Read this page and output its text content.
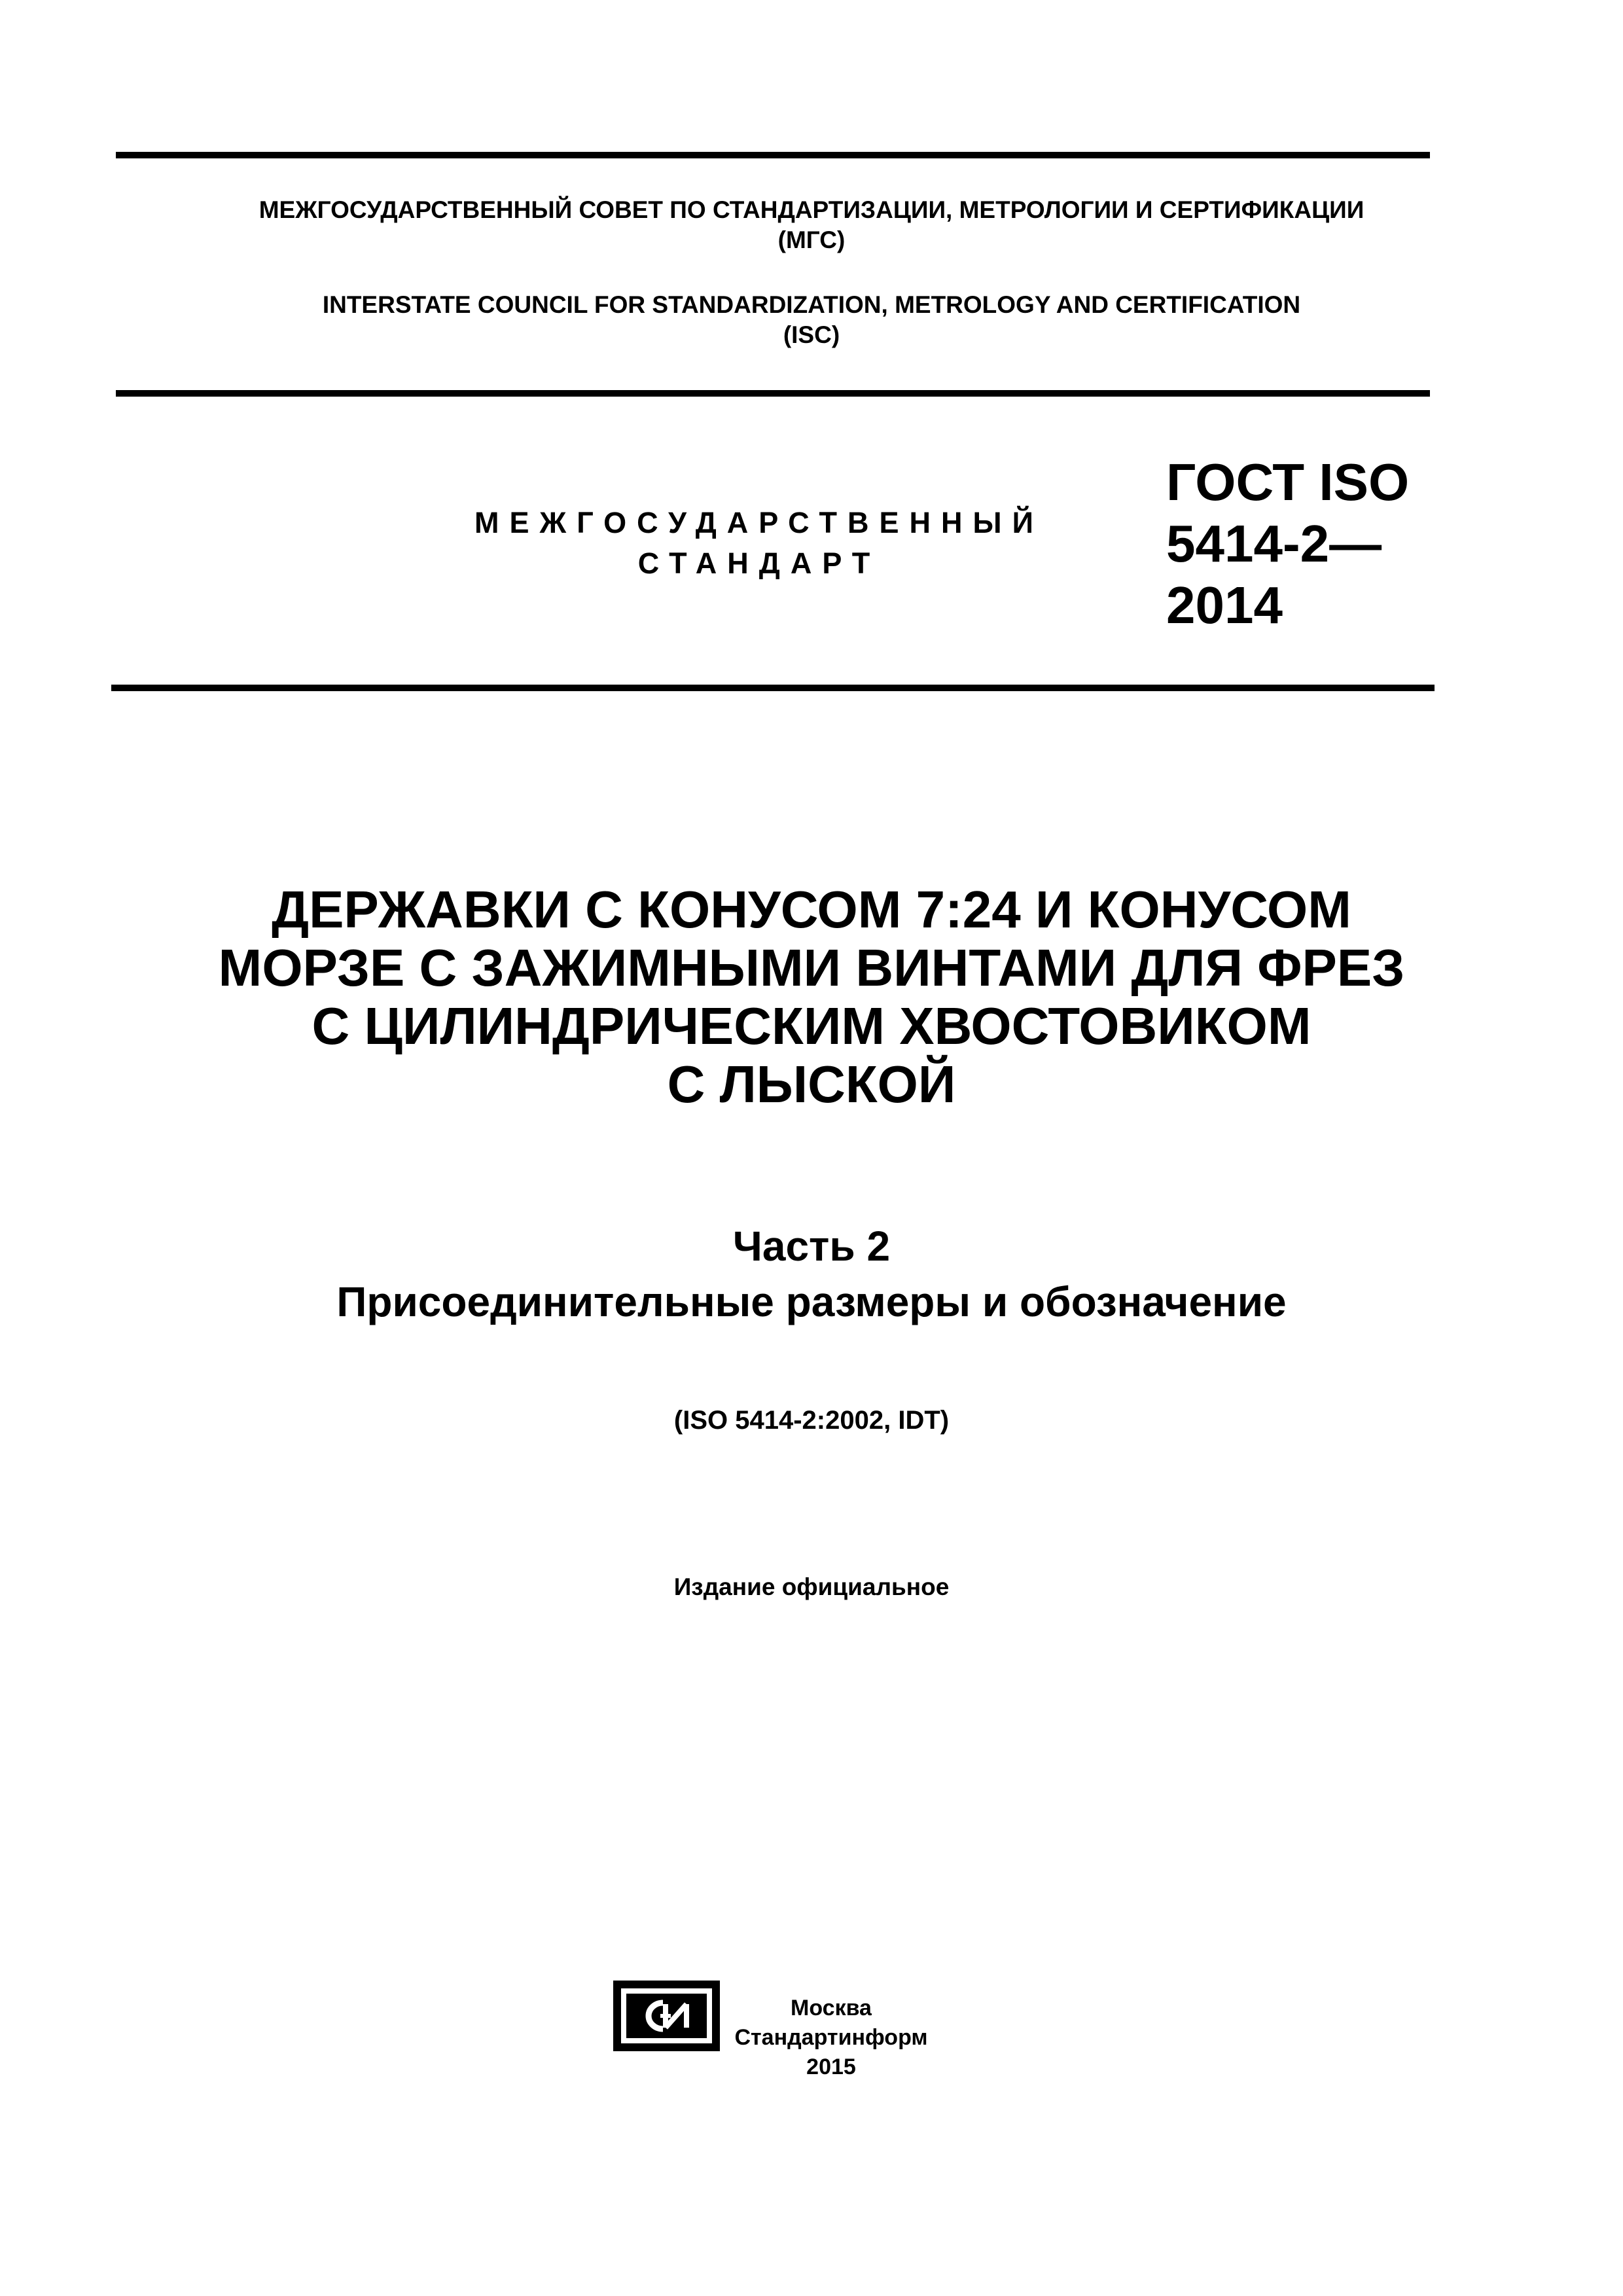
МЕЖГОСУДАРСТВЕННЫЙ СОВЕТ ПО СТАНДАРТИЗАЦИИ, МЕТРОЛОГИИ И СЕРТИФИКАЦИИ
(МГС)
INTERSTATE COUNCIL FOR STANDARDIZATION, METROLOGY AND CERTIFICATION
(ISC)
МЕЖГОСУДАРСТВЕННЫЙ
СТАНДАРТ
ГОСТ ISO
5414-2—
2014
ДЕРЖАВКИ С КОНУСОМ 7:24 И КОНУСОМ
МОРЗЕ С ЗАЖИМНЫМИ ВИНТАМИ ДЛЯ ФРЕЗ
С ЦИЛИНДРИЧЕСКИМ ХВОСТОВИКОМ
С ЛЫСКОЙ
Часть 2
Присоединительные размеры и обозначение
(ISO 5414-2:2002, IDT)
Издание официальное
Москва
Стандартинформ
2015
